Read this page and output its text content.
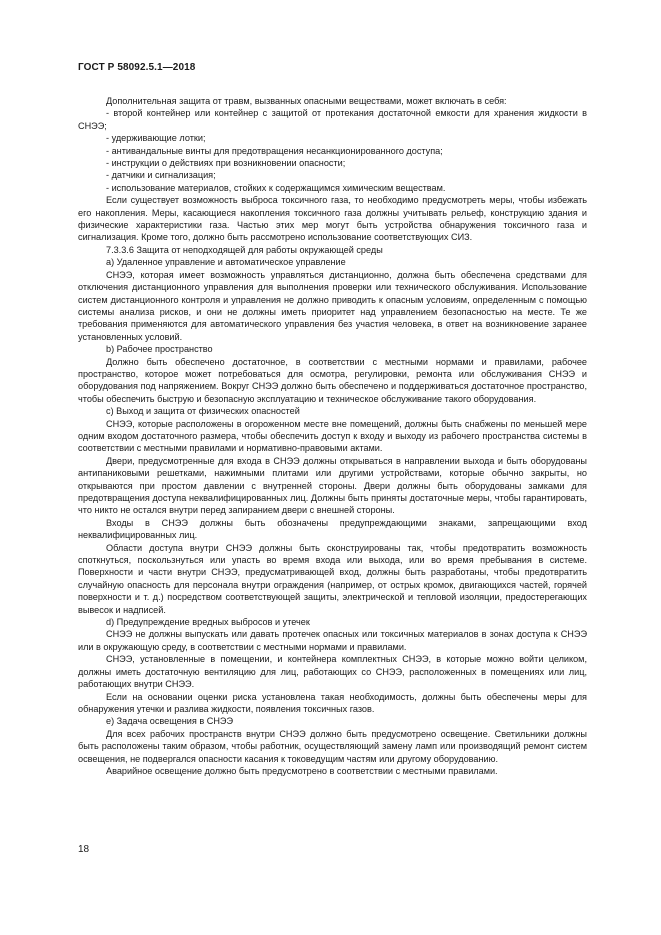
ГОСТ Р 58092.5.1—2018

Дополнительная защита от травм, вызванных опасными веществами, может включать в себя:

- второй контейнер или контейнер с защитой от протекания достаточной емкости для хранения жидкости в СНЭЭ;

- удерживающие лотки;

- антивандальные винты для предотвращения несанкционированного доступа;

- инструкции о действиях при возникновении опасности;

- датчики и сигнализация;

- использование материалов, стойких к содержащимся химическим веществам.

Если существует возможность выброса токсичного газа, то необходимо предусмотреть меры, чтобы избежать его накопления. Меры, касающиеся накопления токсичного газа должны учитывать рельеф, конструкцию здания и физические характеристики газа. Частью этих мер могут быть устройства обнаружения токсичного газа и сигнализация. Кроме того, должно быть рассмотрено использование соответствующих СИЗ.

7.3.3.6 Защита от неподходящей для работы окружающей среды

а) Удаленное управление и автоматическое управление

СНЭЭ, которая имеет возможность управляться дистанционно, должна быть обеспечена средствами для отключения дистанционного управления для выполнения проверки или технического обслуживания. Использование систем дистанционного контроля и управления не должно приводить к опасным условиям, определенным с помощью системы анализа рисков, и они не должны иметь приоритет над управлением безопасностью на месте. Те же требования применяются для автоматического управления без участия человека, в ответ на возникновение заранее установленных условий.

b) Рабочее пространство

Должно быть обеспечено достаточное, в соответствии с местными нормами и правилами, рабочее пространство, которое может потребоваться для осмотра, регулировки, ремонта или обслуживания СНЭЭ и оборудования под напряжением. Вокруг СНЭЭ должно быть обеспечено и поддерживаться достаточное пространство, чтобы обеспечить быструю и безопасную эксплуатацию и техническое обслуживание такого оборудования.

c) Выход и защита от физических опасностей

СНЭЭ, которые расположены в огороженном месте вне помещений, должны быть снабжены по меньшей мере одним входом достаточного размера, чтобы обеспечить доступ к входу и выходу из рабочего пространства системы в соответствии с местными правилами и нормативно-правовыми актами.

Двери, предусмотренные для входа в СНЭЭ должны открываться в направлении выхода и быть оборудованы антипаниковыми решетками, нажимными плитами или другими устройствами, которые обычно закрыты, но открываются при простом давлении с внутренней стороны. Двери должны быть оборудованы замками для предотвращения доступа неквалифицированных лиц. Должны быть приняты достаточные меры, чтобы гарантировать, что никто не остался внутри перед запиранием двери с внешней стороны.

Входы в СНЭЭ должны быть обозначены предупреждающими знаками, запрещающими вход неквалифицированных лиц.

Области доступа внутри СНЭЭ должны быть сконструированы так, чтобы предотвратить возможность споткнуться, поскользнуться или упасть во время входа или выхода, или во время пребывания в системе. Поверхности и части внутри СНЭЭ, предусматривающей вход, должны быть разработаны, чтобы предотвратить случайную опасность для персонала внутри ограждения (например, от острых кромок, двигающихся частей, горячей поверхности и т. д.) посредством соответствующей защиты, электрической и тепловой изоляции, предостерегающих вывесок и надписей.

d) Предупреждение вредных выбросов и утечек

СНЭЭ не должны выпускать или давать протечек опасных или токсичных материалов в зонах доступа к СНЭЭ или в окружающую среду, в соответствии с местными нормами и правилами.

СНЭЭ, установленные в помещении, и контейнера комплектных СНЭЭ, в которые можно войти целиком, должны иметь достаточную вентиляцию для лиц, работающих со СНЭЭ, расположенных в помещениях или лиц, работающих внутри СНЭЭ.

Если на основании оценки риска установлена такая необходимость, должны быть обеспечены меры для обнаружения утечки и разлива жидкости, появления токсичных газов.

e) Задача освещения в СНЭЭ

Для всех рабочих пространств внутри СНЭЭ должно быть предусмотрено освещение. Светильники должны быть расположены таким образом, чтобы работник, осуществляющий замену ламп или производящий ремонт систем освещения, не подвергался опасности касания к токоведущим частям или другому оборудованию.

Аварийное освещение должно быть предусмотрено в соответствии с местными правилами.

18
